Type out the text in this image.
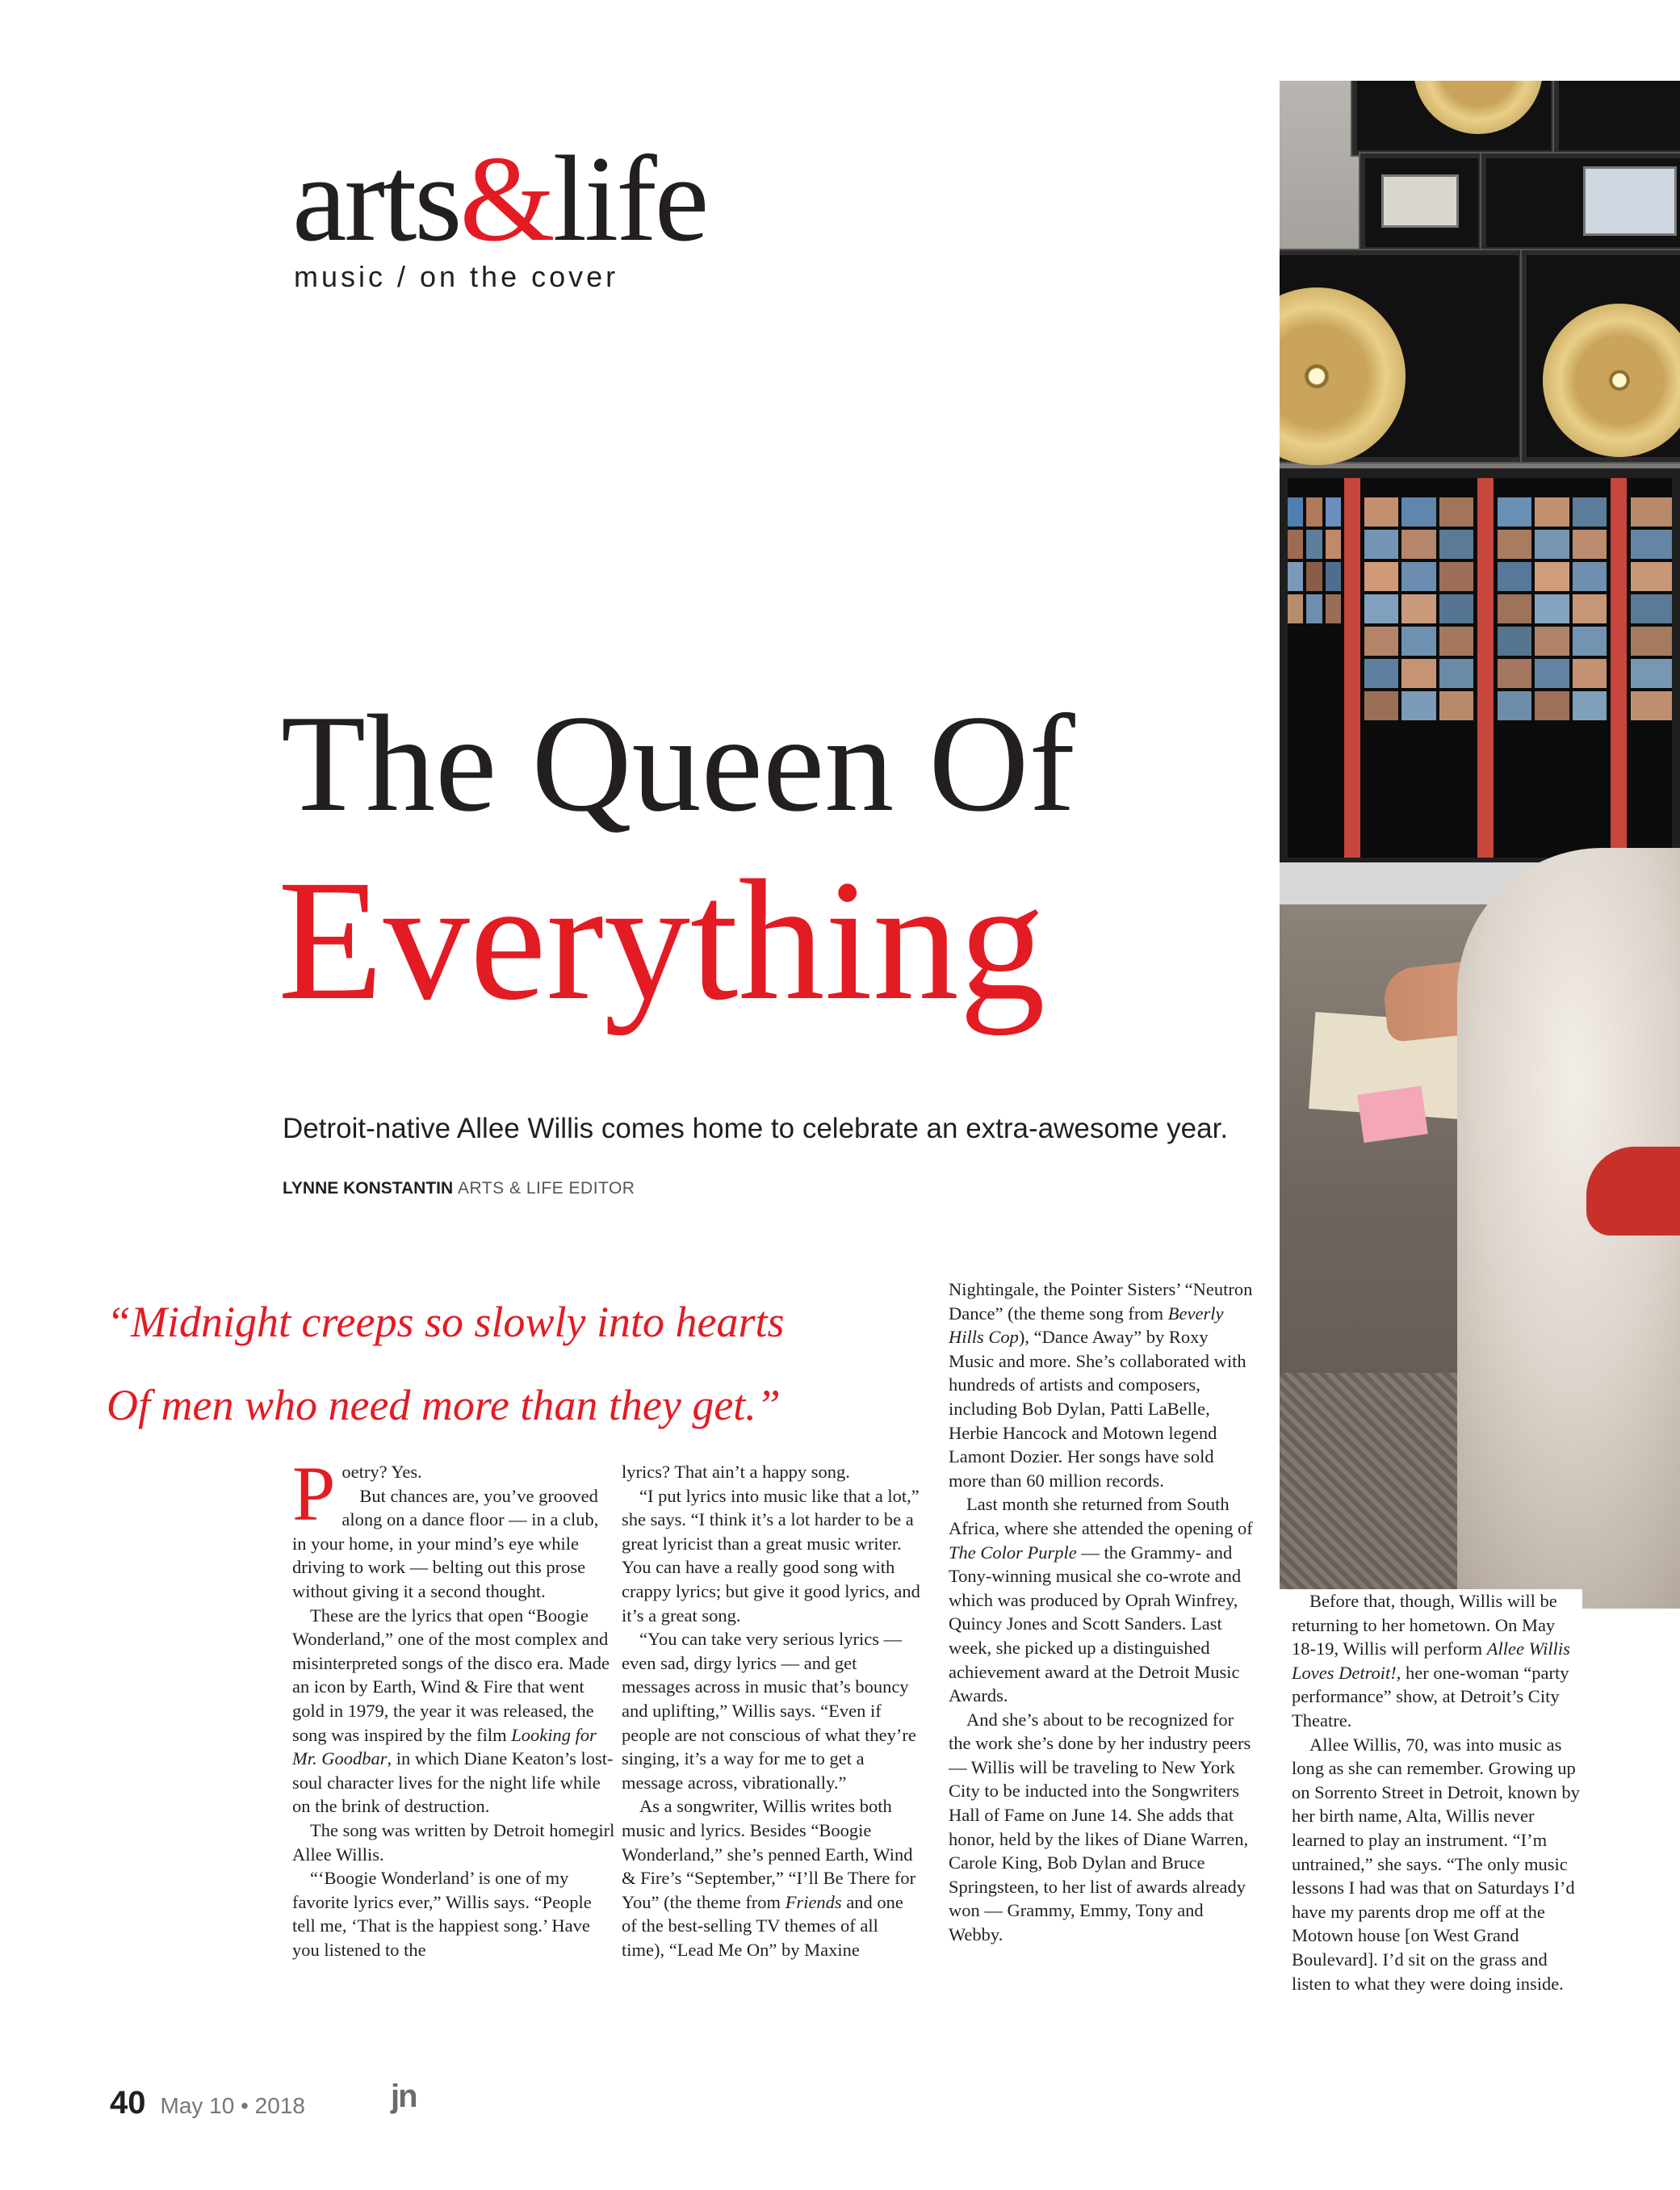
arts&life

music / on the cover

The Queen Of
Everything

Detroit-native Allee Willis comes home to celebrate an extra-awesome year.

LYNNE KONSTANTIN ARTS & LIFE EDITOR

“Midnight creeps so slowly into hearts
Of men who need more than they get.”

Poetry? Yes.

But chances are, you’ve grooved along on a dance floor — in a club, in your home, in your mind’s eye while driving to work — belting out this prose without giving it a second thought.

These are the lyrics that open “Boogie Wonderland,” one of the most complex and misinterpreted songs of the disco era. Made an icon by Earth, Wind & Fire that went gold in 1979, the year it was released, the song was inspired by the film Looking for Mr. Goodbar, in which Diane Keaton’s lost-soul character lives for the night life while on the brink of destruction.

The song was written by Detroit homegirl Allee Willis.

“‘Boogie Wonderland’ is one of my favorite lyrics ever,” Willis says. “People tell me, ‘That is the happiest song.’ Have you listened to the

lyrics? That ain’t a happy song.

“I put lyrics into music like that a lot,” she says. “I think it’s a lot harder to be a great lyricist than a great music writer. You can have a really good song with crappy lyrics; but give it good lyrics, and it’s a great song.

“You can take very serious lyrics — even sad, dirgy lyrics — and get messages across in music that’s bouncy and uplifting,” Willis says. “Even if people are not conscious of what they’re singing, it’s a way for me to get a message across, vibrationally.”

As a songwriter, Willis writes both music and lyrics. Besides “Boogie Wonderland,” she’s penned Earth, Wind & Fire’s “September,” “I’ll Be There for You” (the theme from Friends and one of the best-selling TV themes of all time), “Lead Me On” by Maxine

Nightingale, the Pointer Sisters’ “Neutron Dance” (the theme song from Beverly Hills Cop), “Dance Away” by Roxy Music and more. She’s collaborated with hundreds of artists and composers, including Bob Dylan, Patti LaBelle, Herbie Hancock and Motown legend Lamont Dozier. Her songs have sold more than 60 million records.

Last month she returned from South Africa, where she attended the opening of The Color Purple — the Grammy- and Tony-winning musical she co-wrote and which was produced by Oprah Winfrey, Quincy Jones and Scott Sanders. Last week, she picked up a distinguished achievement award at the Detroit Music Awards.

And she’s about to be recognized for the work she’s done by her industry peers — Willis will be traveling to New York City to be inducted into the Songwriters Hall of Fame on June 14. She adds that honor, held by the likes of Diane Warren, Carole King, Bob Dylan and Bruce Springsteen, to her list of awards already won — Grammy, Emmy, Tony and Webby.

Before that, though, Willis will be returning to her hometown. On May 18-19, Willis will perform Allee Willis Loves Detroit!, her one-woman “party performance” show, at Detroit’s City Theatre.

Allee Willis, 70, was into music as long as she can remember. Growing up on Sorrento Street in Detroit, known by her birth name, Alta, Willis never learned to play an instrument. “I’m untrained,” she says. “The only music lessons I had was that on Saturdays I’d have my parents drop me off at the Motown house [on West Grand Boulevard]. I’d sit on the grass and listen to what they were doing inside.

40 May 10 • 2018	jn
